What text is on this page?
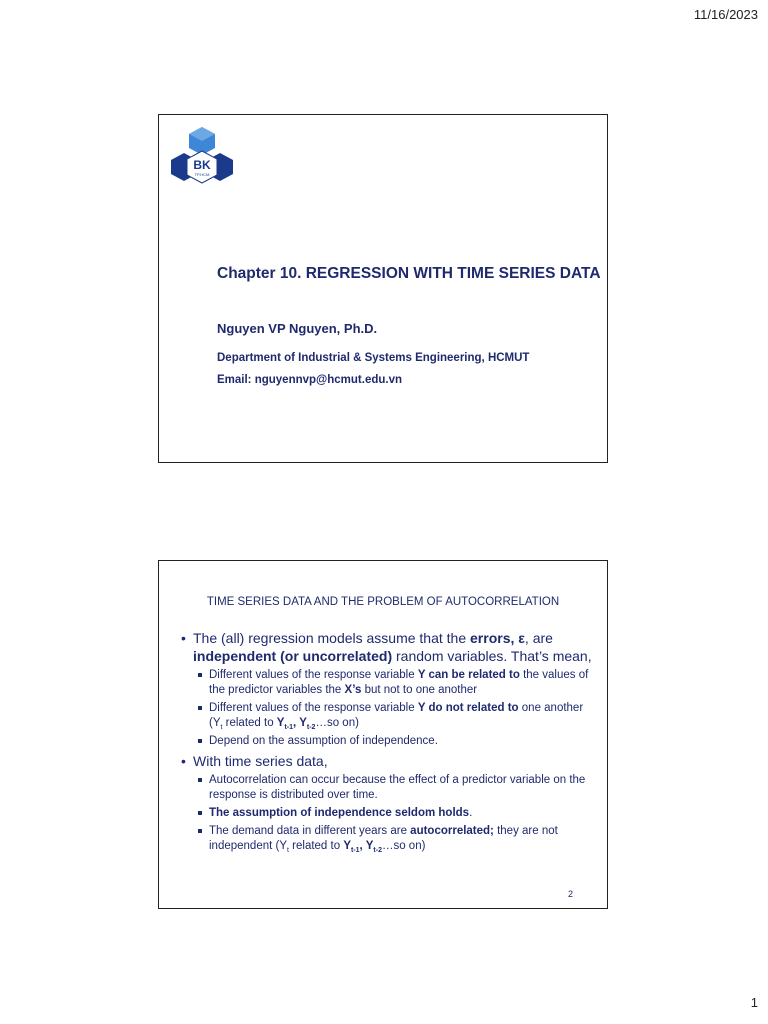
11/16/2023
BK
TP.HCM
Chapter 10. REGRESSION WITH TIME SERIES DATA
Nguyen VP Nguyen, Ph.D.
Department of Industrial & Systems Engineering, HCMUT
Email: nguyennvp@hcmut.edu.vn
TIME SERIES DATA AND THE PROBLEM OF AUTOCORRELATION
• The (all) regression models assume that the errors, ε, are independent (or uncorrelated) random variables. That’s mean,
Different values of the response variable Y can be related to the values of the predictor variables the X’s but not to one another
Different values of the response variable Y do not related to one another ($Y_t$ related to $Y_{t-1}$, $Y_{t-2}\dots so$ on)
Depend on the assumption of independence.
• With time series data,
Autocorrelation can occur because the effect of a predictor variable on the response is distributed over time.
The assumption of independence seldom holds.
The demand data in different years are autocorrelated; they are not independent ($Y_t$ related to $Y_{t-1}$, $Y_{t-2}\dots so$ on)
2
1
